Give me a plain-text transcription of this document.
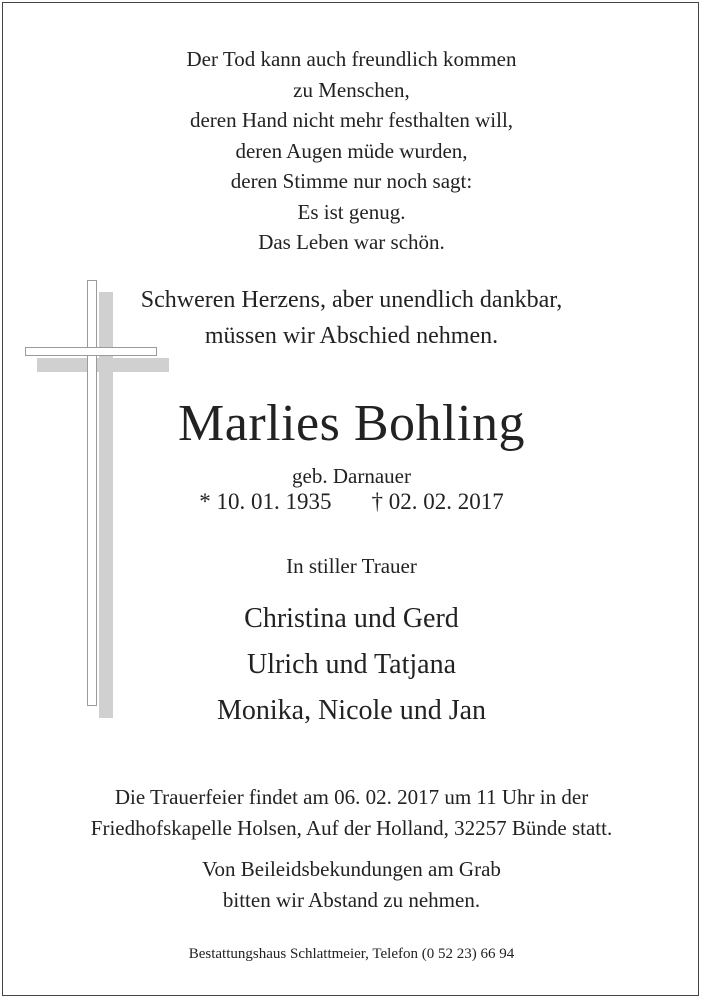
Der Tod kann auch freundlich kommen
zu Menschen,
deren Hand nicht mehr festhalten will,
deren Augen müde wurden,
deren Stimme nur noch sagt:
Es ist genug.
Das Leben war schön.
Schweren Herzens, aber unendlich dankbar,
müssen wir Abschied nehmen.
Marlies Bohling
geb. Darnauer
* 10. 01. 1935 † 02. 02. 2017
In stiller Trauer
Christina und Gerd
Ulrich und Tatjana
Monika, Nicole und Jan
Die Trauerfeier findet am 06. 02. 2017 um 11 Uhr in der
Friedhofskapelle Holsen, Auf der Holland, 32257 Bünde statt.
Von Beileidsbekundungen am Grab
bitten wir Abstand zu nehmen.
Bestattungshaus Schlattmeier, Telefon (0 52 23) 66 94
